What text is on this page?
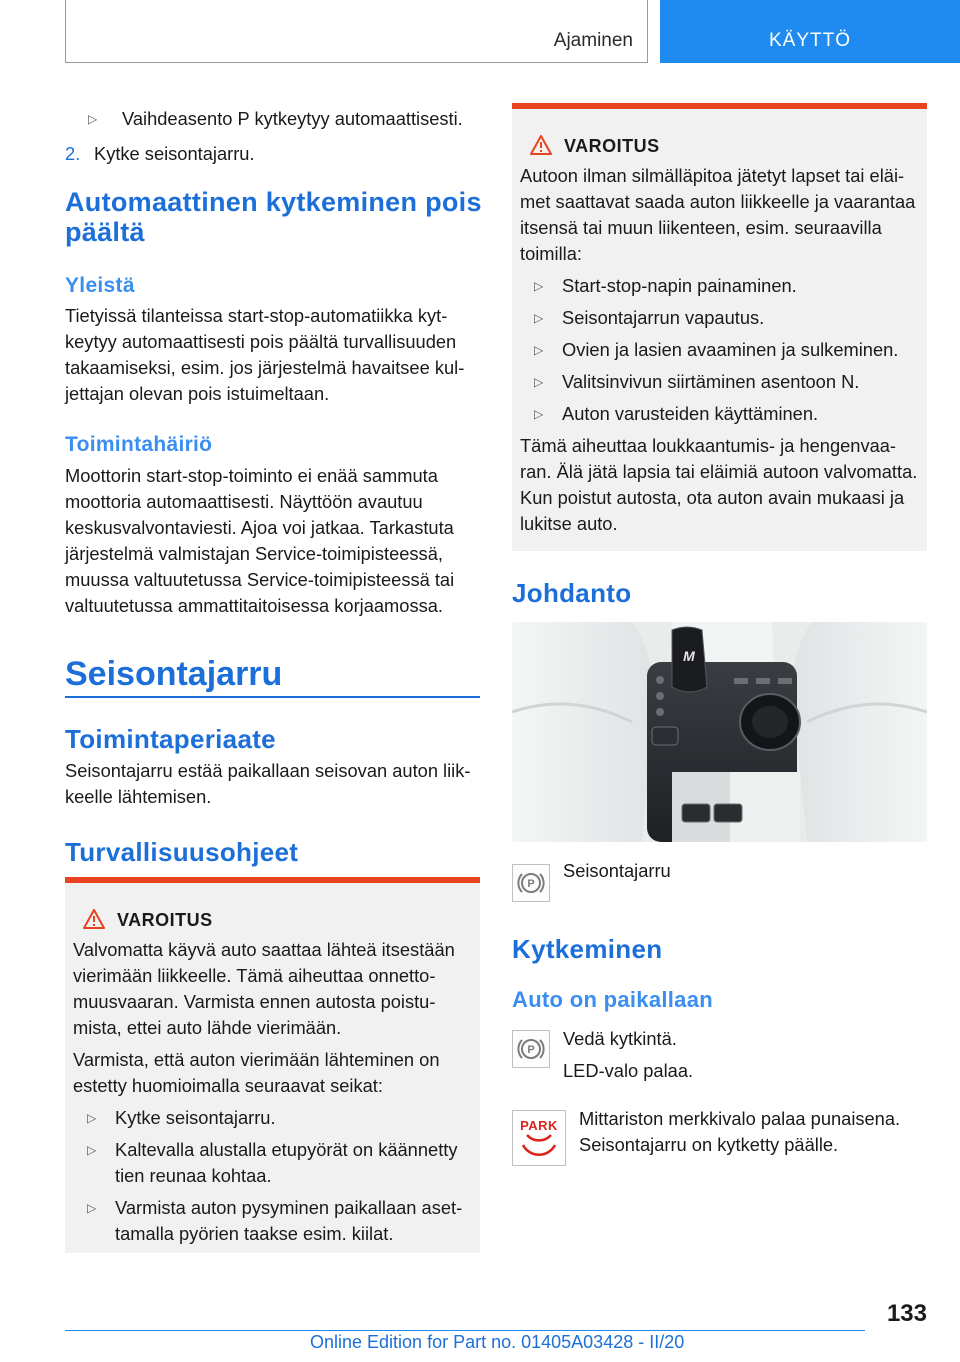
Ajaminen	KÄYTTÖ
▷ Vaihdeasento P kytkeytyy automaattisesti.
2. Kytke seisontajarru.
Automaattinen kytkeminen pois
päältä
Yleistä
Tietyissä tilanteissa start-stop-automatiikka kyt-
keytyy automaattisesti pois päältä turvallisuuden
takaamiseksi, esim. jos järjestelmä havaitsee kul-
jettajan olevan pois istuimeltaan.
Toimintahäiriö
Moottorin start-stop-toiminto ei enää sammuta
moottoria automaattisesti. Näyttöön avautuu
keskusvalvontaviesti. Ajoa voi jatkaa. Tarkastuta
järjestelmä valmistajan Service-toimipisteessä,
muussa valtuutetussa Service-toimipisteessä tai
valtuutetussa ammattitaitoisessa korjaamossa.
Seisontajarru
Toimintaperiaate
Seisontajarru estää paikallaan seisovan auton liik-
keelle lähtemisen.
Turvallisuusohjeet
VAROITUS
Valvomatta käyvä auto saattaa lähteä itsestään
vierimään liikkeelle. Tämä aiheuttaa onnetto-
muusvaaran. Varmista ennen autosta poistu-
mista, ettei auto lähde vierimään.
Varmista, että auton vierimään lähteminen on
estetty huomioimalla seuraavat seikat:
▷ Kytke seisontajarru.
▷ Kaltevalla alustalla etupyörät on käännetty
tien reunaa kohtaa.
▷ Varmista auton pysyminen paikallaan aset-
tamalla pyörien taakse esim. kiilat.
VAROITUS
Autoon ilman silmälläpitoa jätetyt lapset tai eläi-
met saattavat saada auton liikkeelle ja vaarantaa
itsensä tai muun liikenteen, esim. seuraavilla
toimilla:
▷ Start-stop-napin painaminen.
▷ Seisontajarrun vapautus.
▷ Ovien ja lasien avaaminen ja sulkeminen.
▷ Valitsinvivun siirtäminen asentoon N.
▷ Auton varusteiden käyttäminen.
Tämä aiheuttaa loukkaantumis- ja hengenvaa-
ran. Älä jätä lapsia tai eläimiä autoon valvomatta.
Kun poistut autosta, ota auton avain mukaasi ja
lukitse auto.
Johdanto
M
P
Seisontajarru
Kytkeminen
Auto on paikallaan
P
Vedä kytkintä.
LED-valo palaa.
PARK	Mittariston merkkivalo palaa punaisena.
Seisontajarru on kytketty päälle.
133
Online Edition for Part no. 01405A03428 - II/20
